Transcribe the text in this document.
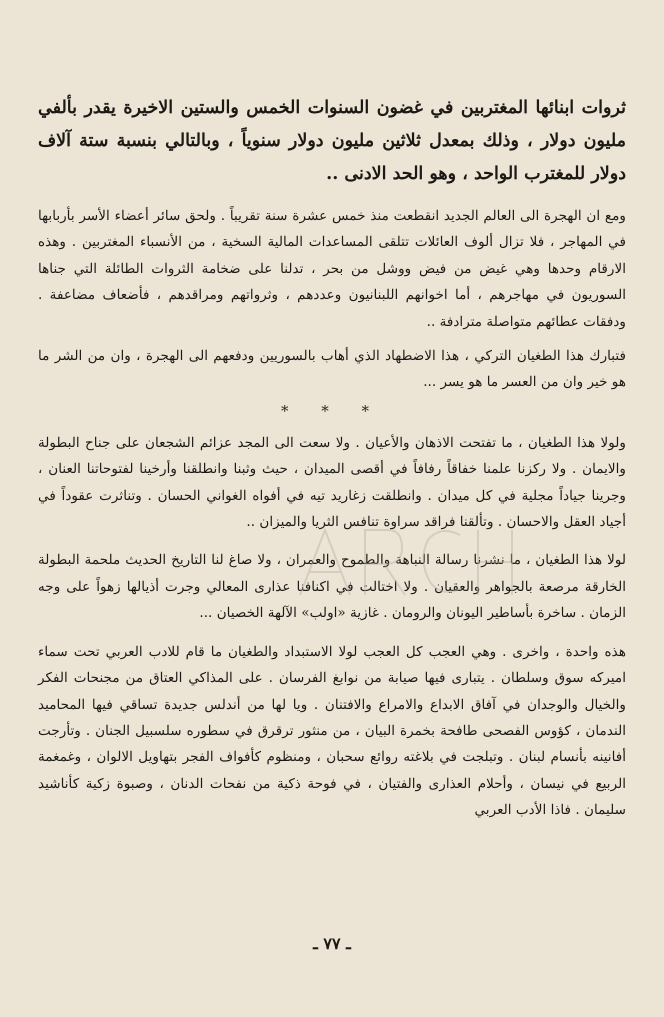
ثروات ابنائها المغتربين في غضون السنوات الخمس والستين الاخيرة يقدر بألفي مليون دولار ، وذلك بمعدل ثلاثين مليون دولار سنوياً ، وبالتالي بنسبة ستة آلاف دولار للمغترب الواحد ، وهو الحد الادنى ..

ومع ان الهجرة الى العالم الجديد انقطعت منذ خمس عشرة سنة تقريباً . ولحق سائر أعضاء الأسر بأربابها في المهاجر ، فلا تزال ألوف العائلات تتلقى المساعدات المالية السخية ، من الأنسباء المغتربين . وهذه الارقام وحدها وهي غيض من فيض ووشل من بحر ، تدلنا على ضخامة الثروات الطائلة التي جناها السوريون في مهاجرهم ، أما اخوانهم اللبنانيون وعددهم ، وثرواتهم ومراقدهم ، فأضعاف مضاعفة . ودفقات عطائهم متواصلة مترادفة ..

فتبارك هذا الطغيان التركي ، هذا الاضطهاد الذي أهاب بالسوريين ودفعهم الى الهجرة ، وان من الشر ما هو خير وان من العسر ما هو يسر ...

* * *

ولولا هذا الطغيان ، ما تفتحت الاذهان والأعيان . ولا سعت الى المجد عزائم الشجعان على جناح البطولة والايمان . ولا ركزنا علمنا خفاقاً رفافاً في أقصى الميدان ، حيث وثبنا وانطلقنا وأرخينا لفتوحاتنا العنان ، وجرينا جياداً مجلية في كل ميدان . وانطلقت زغاريد تيه في أفواه الغواني الحسان . وتناثرت عقوداً في أجياد العقل والاحسان . وتألقنا فراقد سراوة تنافس الثريا والميزان ..

لولا هذا الطغيان ، ما نشرنا رسالة النباهة والطموح والعمران ، ولا صاغ لنا التاريخ الحديث ملحمة البطولة الخارقة مرصعة بالجواهر والعقيان . ولا اختالت في اكنافنا عذارى المعالي وجرت أذيالها زهواً على وجه الزمان . ساخرة بأساطير اليونان والرومان . غازية «اولب» الآلهة الخصيان ...

هذه واحدة ، واخرى . وهي العجب كل العجب لولا الاستبداد والطغيان ما قام للادب العربي تحت سماء اميركه سوق وسلطان . يتبارى فيها صيابة من نوابغ الفرسان . على المذاكي العتاق من مجنحات الفكر والخيال والوجدان في آفاق الابداع والامراع والافتنان . ويا لها من أندلس جديدة تساقي فيها المحاميد الندمان ، كؤوس الفصحى طافحة بخمرة البيان ، من منثور ترقرق في سطوره سلسبيل الجنان . وتأرجت أفانينه بأنسام لبنان . وتبلجت في بلاغته روائع سحبان ، ومنظوم كأفواف الفجر بتهاويل الالوان ، وغمغمة الربيع في نيسان ، وأحلام العذارى والفتيان ، في فوحة ذكية من نفحات الدنان ، وصبوة زكية كأناشيد سليمان . فاذا الأدب العربي

ـ ٧٧ ـ
